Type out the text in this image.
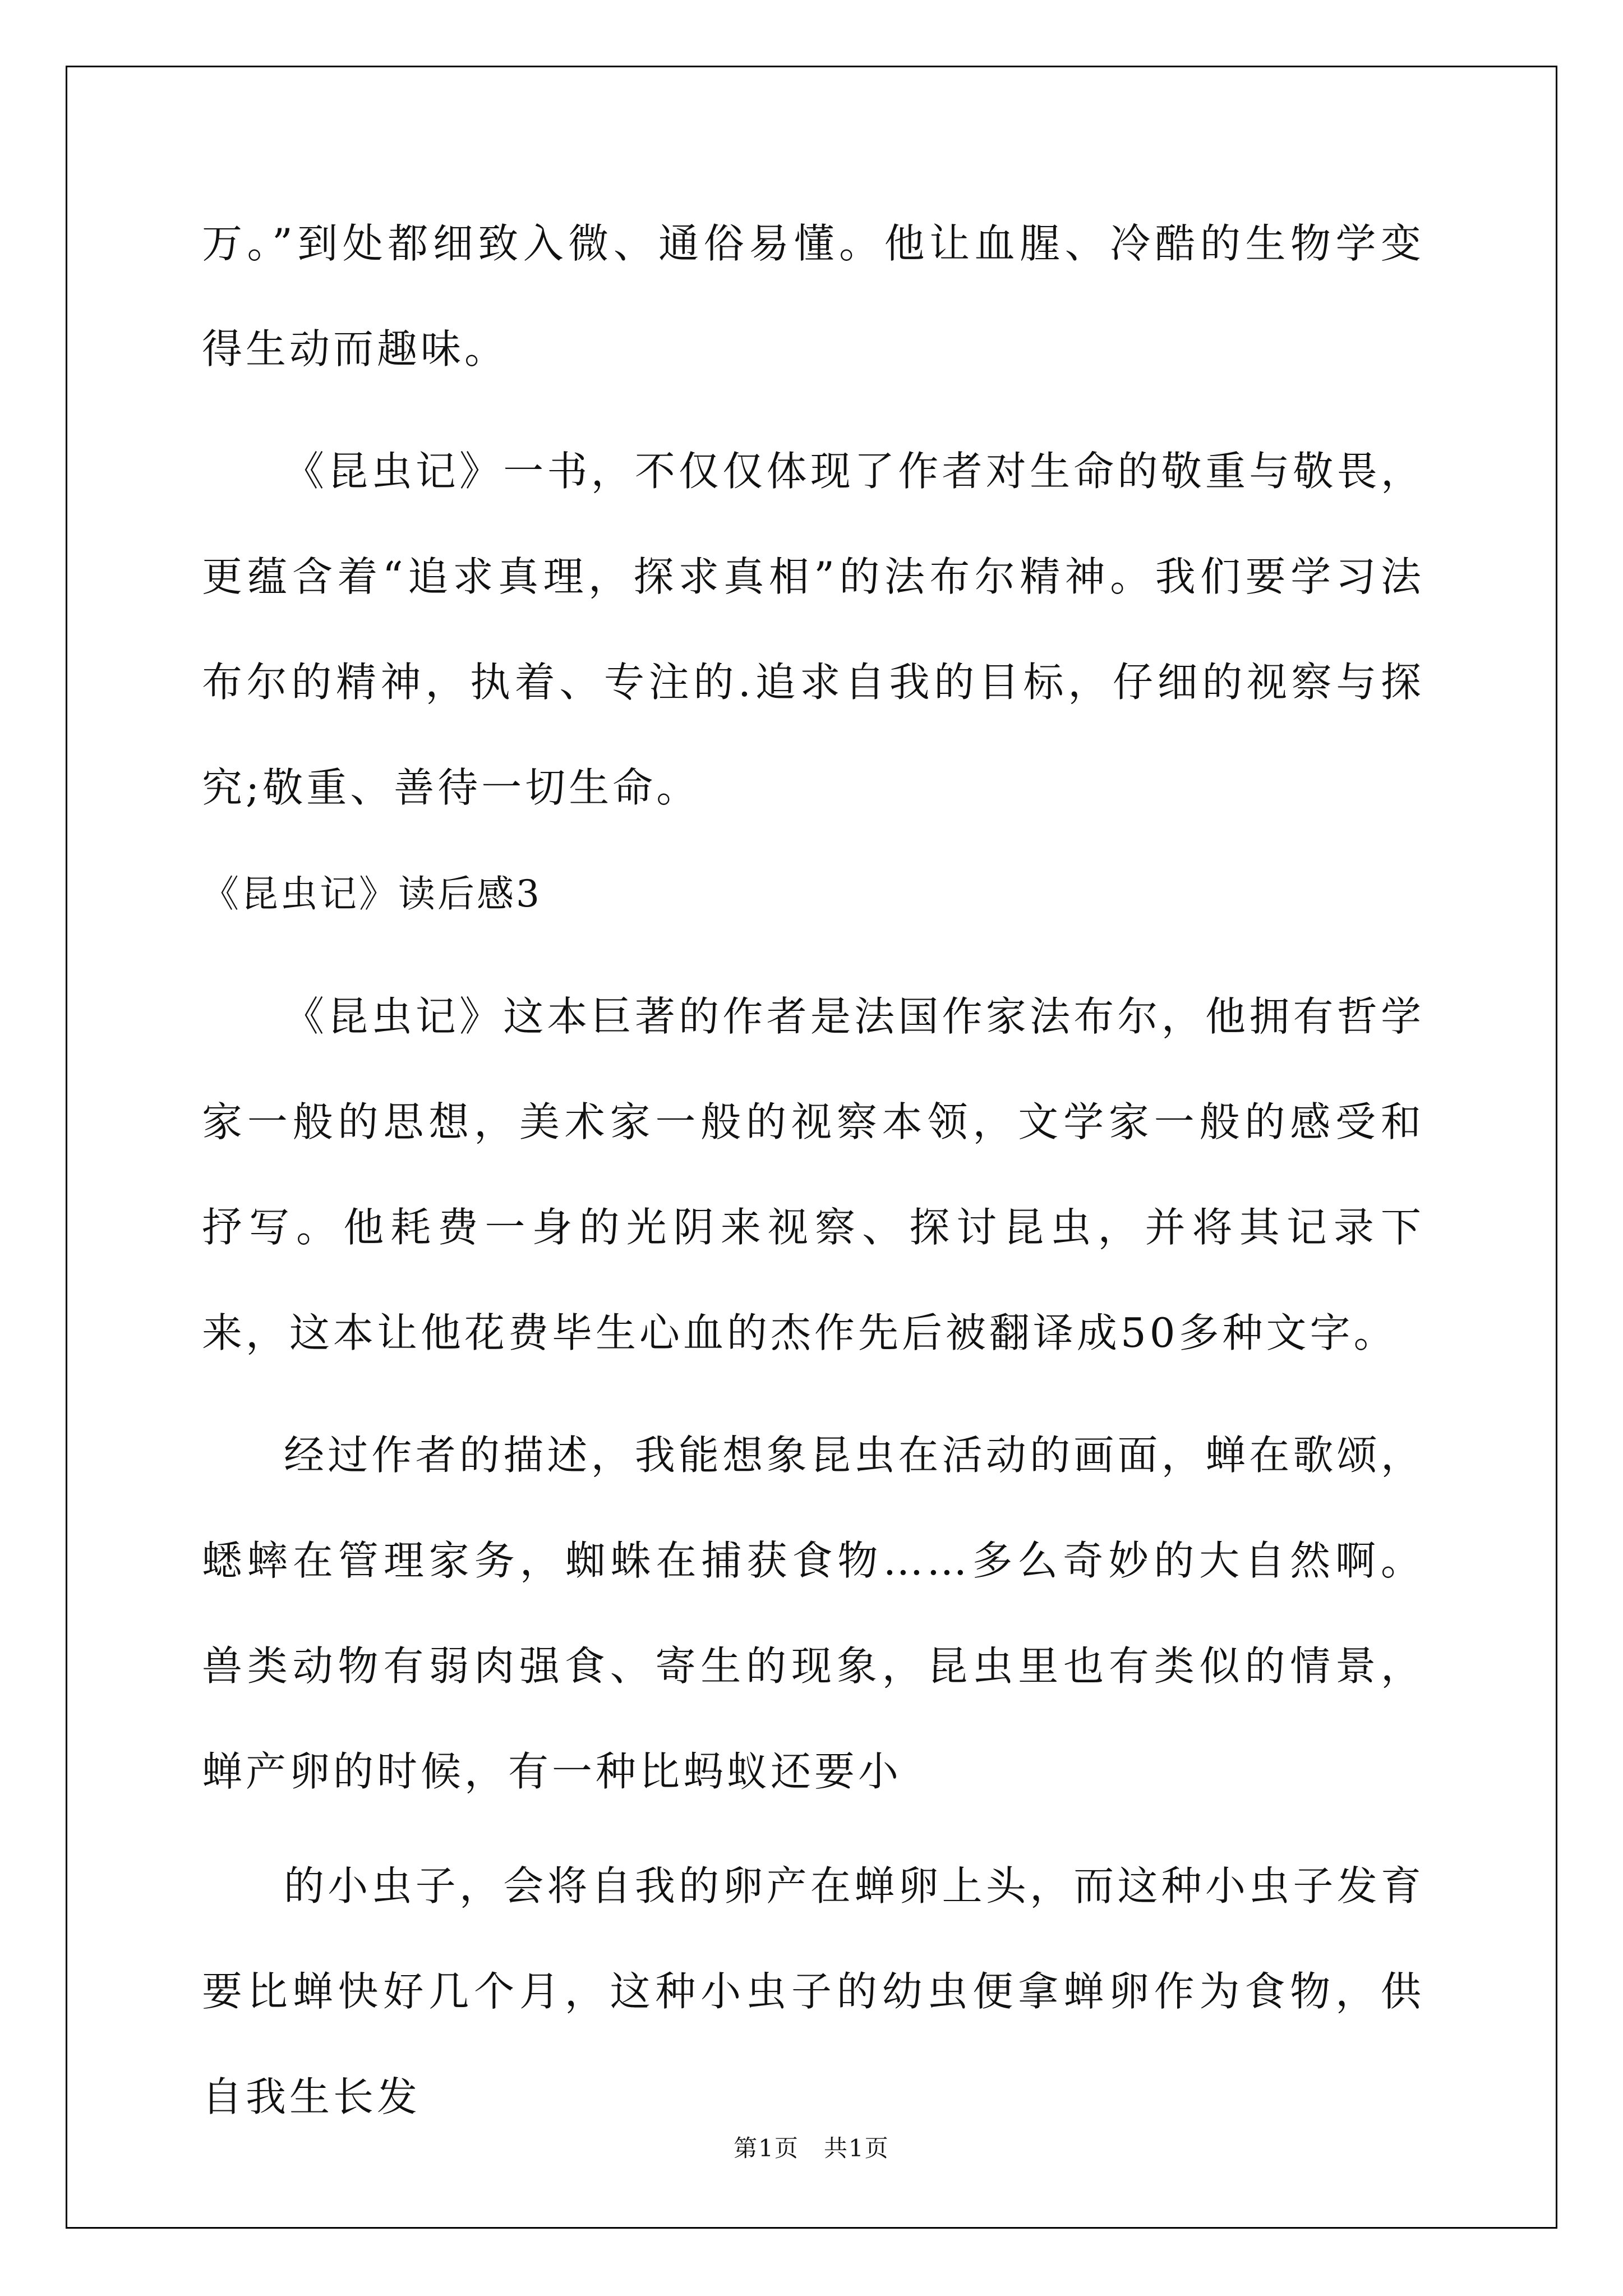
万。”到处都细致入微、通俗易懂。他让血腥、冷酷的生物学变得生动而趣味。

《昆虫记》一书，不仅仅体现了作者对生命的敬重与敬畏，更蕴含着“追求真理，探求真相”的法布尔精神。我们要学习法布尔的精神，执着、专注的.追求自我的目标，仔细的视察与探究;敬重、善待一切生命。

《昆虫记》读后感3

《昆虫记》这本巨著的作者是法国作家法布尔，他拥有哲学家一般的思想，美术家一般的视察本领，文学家一般的感受和抒写。他耗费一身的光阴来视察、探讨昆虫，并将其记录下来，这本让他花费毕生心血的杰作先后被翻译成50多种文字。

经过作者的描述，我能想象昆虫在活动的画面，蝉在歌颂，蟋蟀在管理家务，蜘蛛在捕获食物……多么奇妙的大自然啊。兽类动物有弱肉强食、寄生的现象，昆虫里也有类似的情景，蝉产卵的时候，有一种比蚂蚁还要小

的小虫子，会将自我的卵产在蝉卵上头，而这种小虫子发育要比蝉快好几个月，这种小虫子的幼虫便拿蝉卵作为食物，供自我生长发

第1页　共1页
